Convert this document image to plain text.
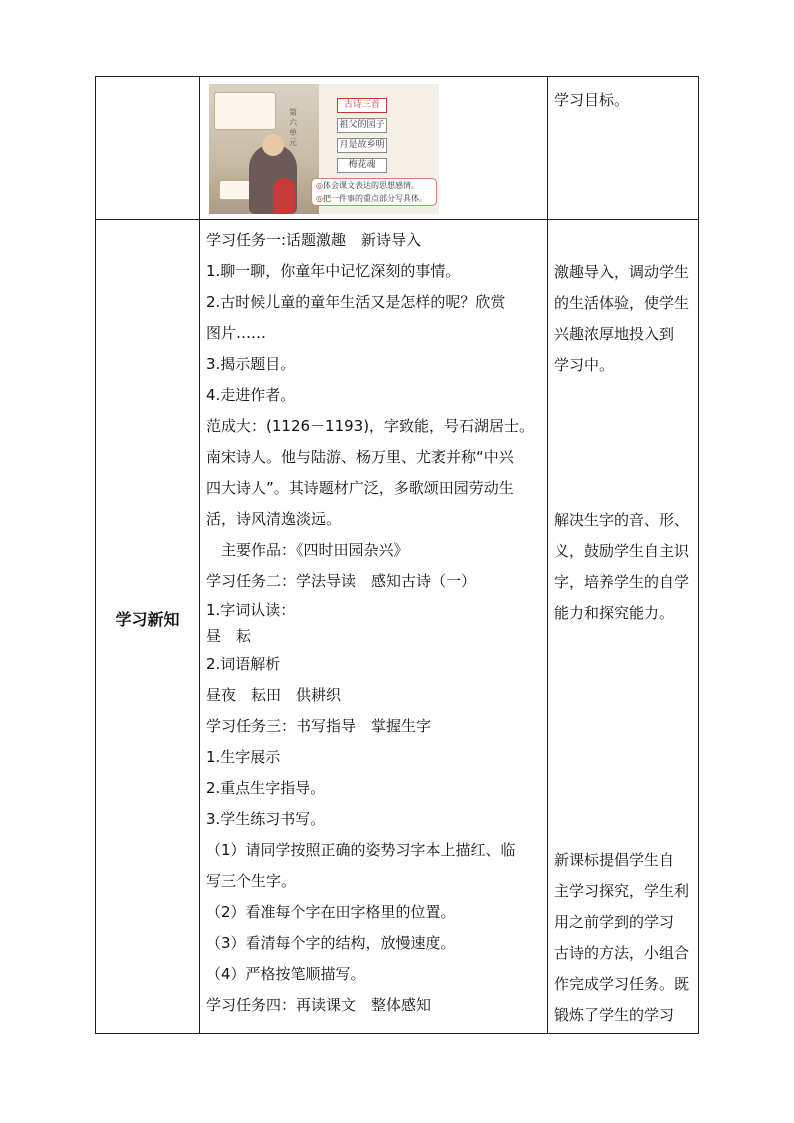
第六单元
古诗三首
祖父的园子
月是故乡明
梅花魂
◎体会课文表达的思想感情。
◎把一件事的重点部分写具体。
学习目标。
学习新知
学习任务一:话题激趣　新诗导入
1.聊一聊，你童年中记忆深刻的事情。
2.古时候儿童的童年生活又是怎样的呢？欣赏
图片……
3.揭示题目。
4.走进作者。
范成大：(1126－1193)，字致能，号石湖居士。
南宋诗人。他与陆游、杨万里、尤袤并称“中兴
四大诗人”。其诗题材广泛，多歌颂田园劳动生
活，诗风清逸淡远。
　主要作品：《四时田园杂兴》
学习任务二：学法导读　感知古诗（一）
1.字词认读：
昼　耘
2.词语解析
昼夜　耘田　供耕织
学习任务三：书写指导　掌握生字
1.生字展示
2.重点生字指导。
3.学生练习书写。
（1）请同学按照正确的姿势习字本上描红、临
写三个生字。
（2）看准每个字在田字格里的位置。
（3）看清每个字的结构，放慢速度。
（4）严格按笔顺描写。
学习任务四：再读课文　整体感知
激趣导入，调动学生
的生活体验，使学生
兴趣浓厚地投入到
学习中。
解决生字的音、形、
义，鼓励学生自主识
字，培养学生的自学
能力和探究能力。
新课标提倡学生自
主学习探究，学生利
用之前学到的学习
古诗的方法，小组合
作完成学习任务。既
锻炼了学生的学习
